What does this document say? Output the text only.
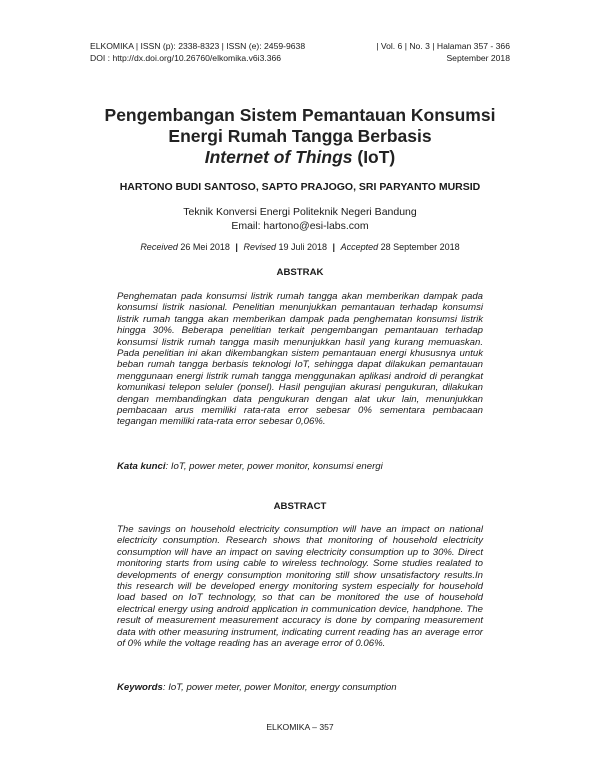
ELKOMIKA | ISSN (p): 2338-8323 | ISSN (e): 2459-9638	| Vol. 6 | No. 3 | Halaman 357 - 366
DOI : http://dx.doi.org/10.26760/elkomika.v6i3.366	September 2018
Pengembangan Sistem Pemantauan Konsumsi
Energi Rumah Tangga Berbasis
Internet of Things (IoT)
HARTONO BUDI SANTOSO, SAPTO PRAJOGO, SRI PARYANTO MURSID
Teknik Konversi Energi Politeknik Negeri Bandung
Email: hartono@esi-labs.com
Received 26 Mei 2018 | Revised 19 Juli 2018 | Accepted 28 September 2018
ABSTRAK
Penghematan pada konsumsi listrik rumah tangga akan memberikan dampak pada konsumsi listrik nasional. Penelitian menunjukkan pemantauan terhadap konsumsi listrik rumah tangga akan memberikan dampak pada penghematan konsumsi listrik hingga 30%. Beberapa penelitian terkait pengembangan pemantauan terhadap konsumsi listrik rumah tangga masih menunjukkan hasil yang kurang memuaskan. Pada penelitian ini akan dikembangkan sistem pemantauan energi khususnya untuk beban rumah tangga berbasis teknologi IoT, sehingga dapat dilakukan pemantauan menggunaan energi listrik rumah tangga menggunakan aplikasi android di perangkat komunikasi telepon seluler (ponsel). Hasil pengujian akurasi pengukuran, dilakukan dengan membandingkan data pengukuran dengan alat ukur lain, menunjukkan pembacaan arus memiliki rata-rata error sebesar 0% sementara pembacaan tegangan memiliki rata-rata error sebesar 0,06%.
Kata kunci: IoT, power meter, power monitor, konsumsi energi
ABSTRACT
The savings on household electricity consumption will have an impact on national electricity consumption. Research shows that monitoring of household electricity consumption will have an impact on saving electricity consumption up to 30%. Direct monitoring starts from using cable to wireless technology. Some studies realated to developments of energy consumption monitoring still show unsatisfactory results.In this research will be developed energy monitoring system especially for household load based on IoT technology, so that can be monitored the use of household electrical energy using android application in communication device, handphone. The result of measurement measurement accuracy is done by comparing measurement data with other measuring instrument, indicating current reading has an average error of 0% while the voltage reading has an average error of 0.06%.
Keywords: IoT, power meter, power Monitor, energy consumption
ELKOMIKA – 357
